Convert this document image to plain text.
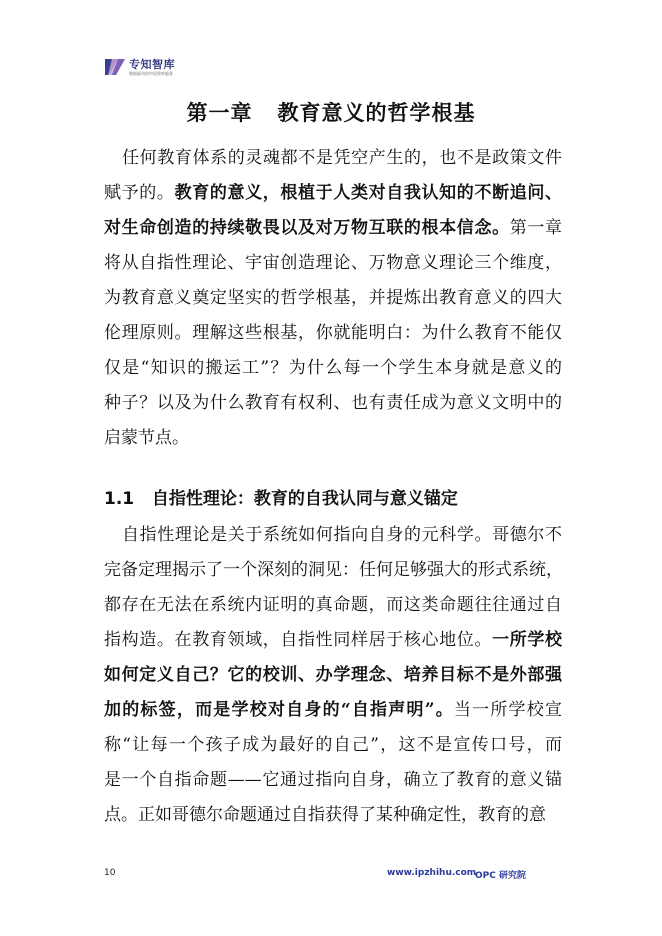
专知智库
数据驱动的中国智库服务
第一章   教育意义的哲学根基
任何教育体系的灵魂都不是凭空产生的，也不是政策文件
赋予的。教育的意义，根植于人类对自我认知的不断追问、
对生命创造的持续敬畏以及对万物互联的根本信念。第一章
将从自指性理论、宇宙创造理论、万物意义理论三个维度，
为教育意义奠定坚实的哲学根基，并提炼出教育意义的四大
伦理原则。理解这些根基，你就能明白：为什么教育不能仅
仅是“知识的搬运工”？为什么每一个学生本身就是意义的
种子？以及为什么教育有权利、也有责任成为意义文明中的
启蒙节点。
1.1   自指性理论：教育的自我认同与意义锚定
自指性理论是关于系统如何指向自身的元科学。哥德尔不
完备定理揭示了一个深刻的洞见：任何足够强大的形式系统，
都存在无法在系统内证明的真命题，而这类命题往往通过自
指构造。在教育领域，自指性同样居于核心地位。一所学校
如何定义自己？它的校训、办学理念、培养目标不是外部强
加的标签，而是学校对自身的“自指声明”。当一所学校宣
称“让每一个孩子成为最好的自己”，这不是宣传口号，而
是一个自指命题——它通过指向自身，确立了教育的意义锚
点。正如哥德尔命题通过自指获得了某种确定性，教育的意
10	www.ipzhihu.com
OPC 研究院
